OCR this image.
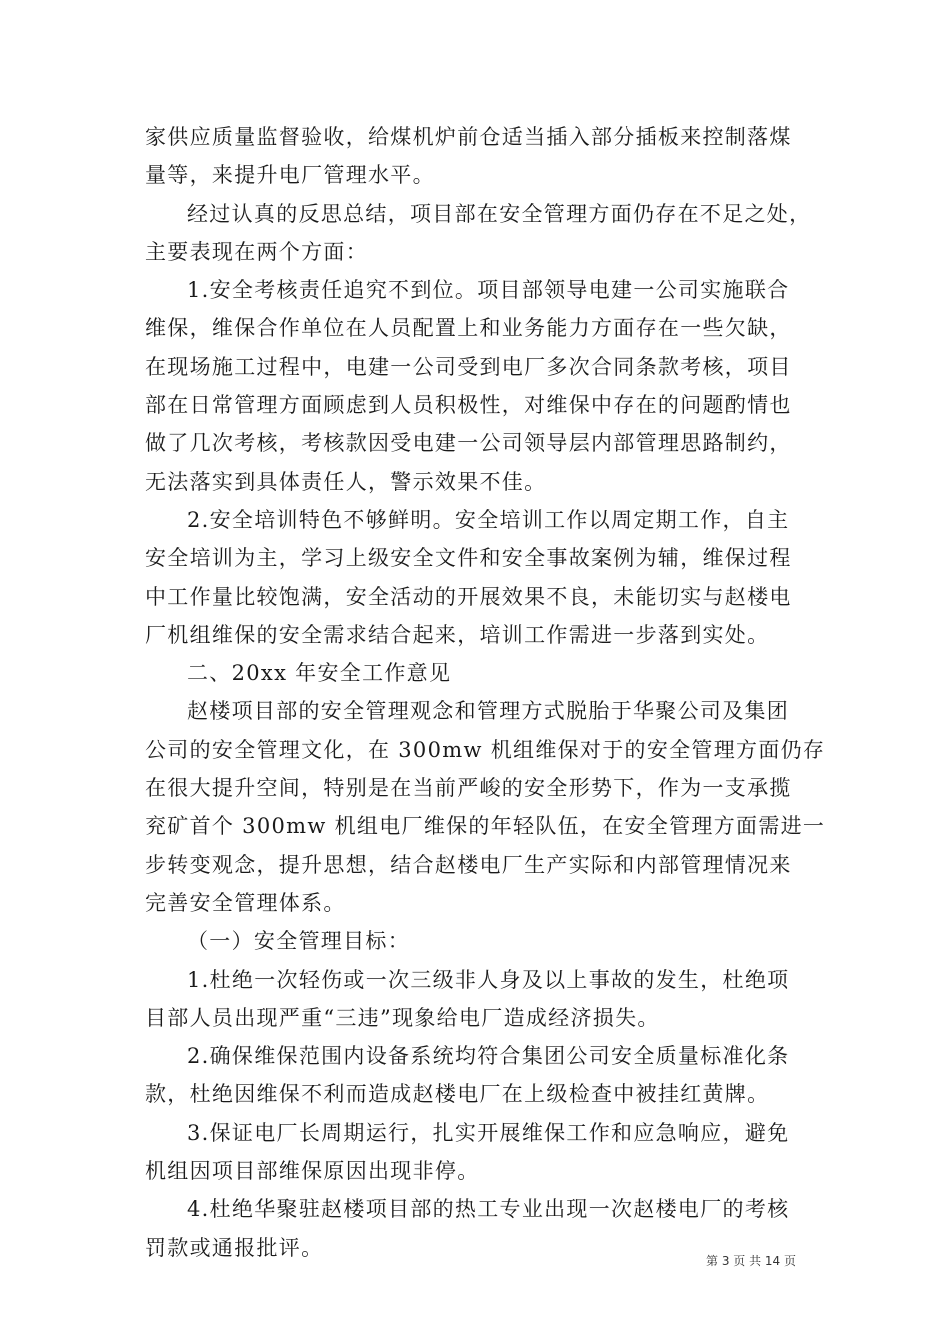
家供应质量监督验收，给煤机炉前仓适当插入部分插板来控制落煤
量等，来提升电厂管理水平。
经过认真的反思总结，项目部在安全管理方面仍存在不足之处，
主要表现在两个方面：
1.安全考核责任追究不到位。项目部领导电建一公司实施联合
维保，维保合作单位在人员配置上和业务能力方面存在一些欠缺，
在现场施工过程中，电建一公司受到电厂多次合同条款考核，项目
部在日常管理方面顾虑到人员积极性，对维保中存在的问题酌情也
做了几次考核，考核款因受电建一公司领导层内部管理思路制约，
无法落实到具体责任人，警示效果不佳。
2.安全培训特色不够鲜明。安全培训工作以周定期工作，自主
安全培训为主，学习上级安全文件和安全事故案例为辅，维保过程
中工作量比较饱满，安全活动的开展效果不良，未能切实与赵楼电
厂机组维保的安全需求结合起来，培训工作需进一步落到实处。
二、20xx 年安全工作意见
赵楼项目部的安全管理观念和管理方式脱胎于华聚公司及集团
公司的安全管理文化，在 300mw 机组维保对于的安全管理方面仍存
在很大提升空间，特别是在当前严峻的安全形势下，作为一支承揽
兖矿首个 300mw 机组电厂维保的年轻队伍，在安全管理方面需进一
步转变观念，提升思想，结合赵楼电厂生产实际和内部管理情况来
完善安全管理体系。
（一）安全管理目标：
1.杜绝一次轻伤或一次三级非人身及以上事故的发生，杜绝项
目部人员出现严重“三违”现象给电厂造成经济损失。
2.确保维保范围内设备系统均符合集团公司安全质量标准化条
款，杜绝因维保不利而造成赵楼电厂在上级检查中被挂红黄牌。
3.保证电厂长周期运行，扎实开展维保工作和应急响应，避免
机组因项目部维保原因出现非停。
4.杜绝华聚驻赵楼项目部的热工专业出现一次赵楼电厂的考核
罚款或通报批评。
第 3 页 共 14 页
